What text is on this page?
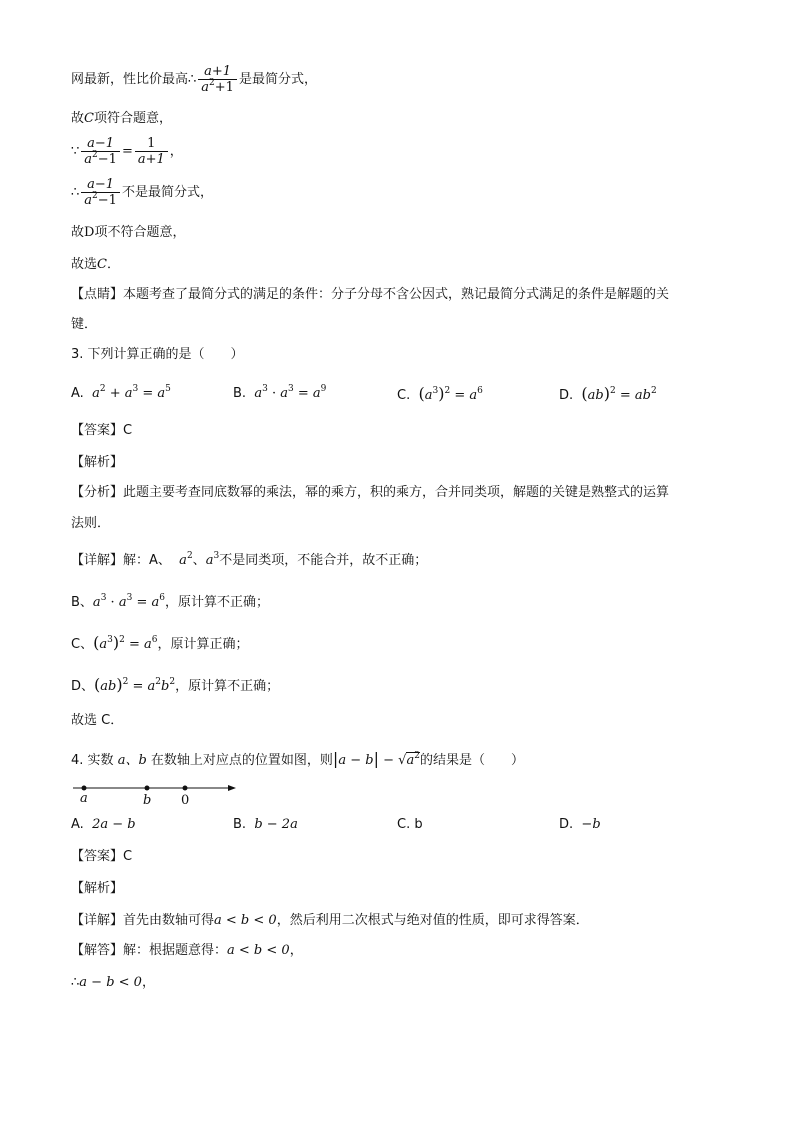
网最新，性比价最高∴ $\frac{a+1}{a^2+1}$ 是最简分式，
故C项符合题意，
∵ $\frac{a-1}{a^2-1} = \frac{1}{a+1}$ ，
∴ $\frac{a-1}{a^2-1}$ 不是最简分式，
故D项不符合题意，
故选C．
【点睛】本题考查了最简分式的满足的条件：分子分母不含公因式，熟记最简分式满足的条件是解题的关
键．
3. 下列计算正确的是（　　）
A. $a^2 + a^3 = a^5$	B. $a^3 \cdot a^3 = a^9$	C. $(a^3)^2 = a^6$	D. $(ab)^2 = ab^2$
【答案】C
【解析】
【分析】此题主要考查同底数幂的乘法，幂的乘方，积的乘方，合并同类项，解题的关键是熟整式的运算
法则．
【详解】解：A、 $a^2$、$a^3$不是同类项，不能合并，故不正确；
B、$a^3 \cdot a^3 = a^6$，原计算不正确；
C、$(a^3)^2 = a^6$，原计算正确；
D、$(ab)^2 = a^2b^2$，原计算不正确；
故选 C．
4. 实数 a、b 在数轴上对应点的位置如图，则$|a - b| - √a^2$的结果是（　　）
a	b 0
A. 2a − b	B. b − 2a	C. b	D. −b
【答案】C
【解析】
【详解】首先由数轴可得a < b < 0，然后利用二次根式与绝对值的性质，即可求得答案．
【解答】解：根据题意得：a < b < 0，
∴a − b < 0，
